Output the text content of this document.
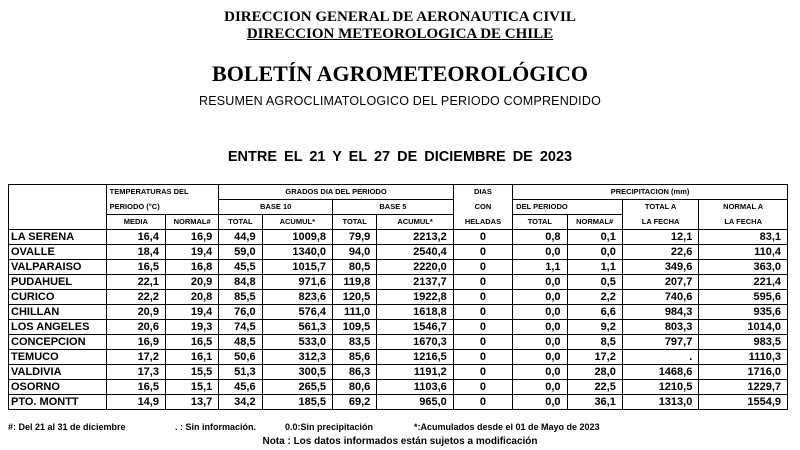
DIRECCION GENERAL DE AERONAUTICA CIVIL
DIRECCION METEOROLOGICA DE CHILE
BOLETÍN AGROMETEOROLÓGICO
RESUMEN AGROCLIMATOLOGICO DEL PERIODO COMPRENDIDO
ENTRE EL 21 Y EL 27 DE DICIEMBRE DE 2023
	TEMPERATURAS DEL		GRADOS DIA DEL PERIODO				DIAS	PRECIPITACION (mm)			
	PERIODO (°C)		BASE 10		BASE 5		CON	DEL PERIODO		TOTAL A	NORMAL A
	MEDIA	NORMAL#	TOTAL	ACUMUL*	TOTAL	ACUMUL*	HELADAS	TOTAL	NORMAL#	LA FECHA	LA FECHA
LA SERENA	16,4	16,9	44,9	1009,8	79,9	2213,2	0	0,8	0,1	12,1	83,1
OVALLE	18,4	19,4	59,0	1340,0	94,0	2540,4	0	0,0	0,0	22,6	110,4
VALPARAISO	16,5	16,8	45,5	1015,7	80,5	2220,0	0	1,1	1,1	349,6	363,0
PUDAHUEL	22,1	20,9	84,8	971,6	119,8	2137,7	0	0,0	0,5	207,7	221,4
CURICO	22,2	20,8	85,5	823,6	120,5	1922,8	0	0,0	2,2	740,6	595,6
CHILLAN	20,9	19,4	76,0	576,4	111,0	1618,8	0	0,0	6,6	984,3	935,6
LOS ANGELES	20,6	19,3	74,5	561,3	109,5	1546,7	0	0,0	9,2	803,3	1014,0
CONCEPCION	16,9	16,5	48,5	533,0	83,5	1670,3	0	0,0	8,5	797,7	983,5
TEMUCO	17,2	16,1	50,6	312,3	85,6	1216,5	0	0,0	17,2	.	1110,3
VALDIVIA	17,3	15,5	51,3	300,5	86,3	1191,2	0	0,0	28,0	1468,6	1716,0
OSORNO	16,5	15,1	45,6	265,5	80,6	1103,6	0	0,0	22,5	1210,5	1229,7
PTO. MONTT	14,9	13,7	34,2	185,5	69,2	965,0	0	0,0	36,1	1313,0	1554,9
#: Del 21 al 31 de diciembre	. : Sin información.	0.0:Sin precipitación	*:Acumulados desde el 01 de Mayo de 2023
Nota : Los datos informados están sujetos a modificación
